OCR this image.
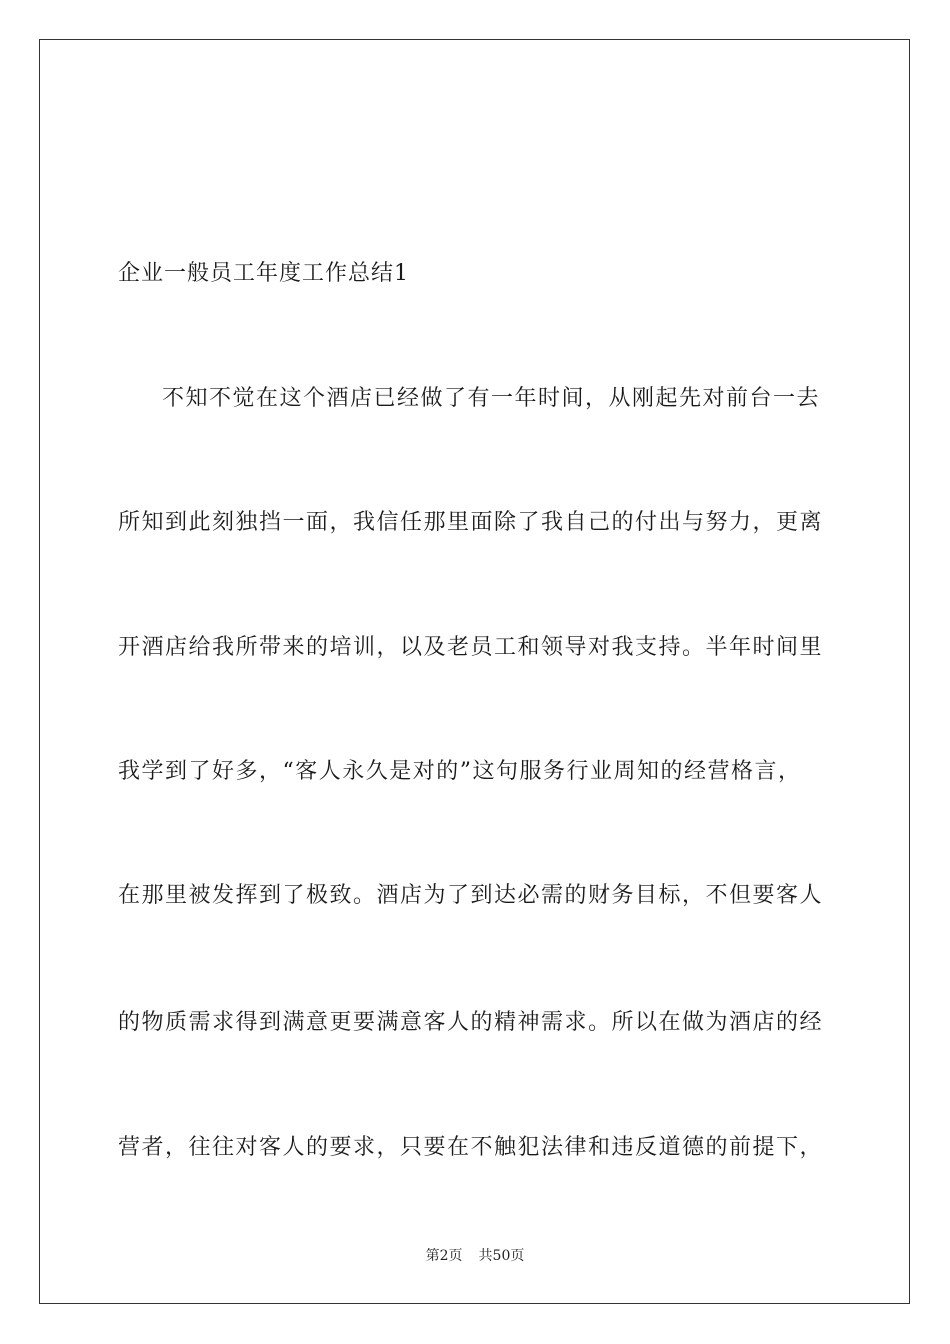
企业一般员工年度工作总结1
不知不觉在这个酒店已经做了有一年时间，从刚起先对前台一去
所知到此刻独挡一面，我信任那里面除了我自己的付出与努力，更离
开酒店给我所带来的培训，以及老员工和领导对我支持。半年时间里
我学到了好多，“客人永久是对的”这句服务行业周知的经营格言，
在那里被发挥到了极致。酒店为了到达必需的财务目标，不但要客人
的物质需求得到满意更要满意客人的精神需求。所以在做为酒店的经
营者，往往对客人的要求，只要在不触犯法律和违反道德的前提下，
第2页 共50页
